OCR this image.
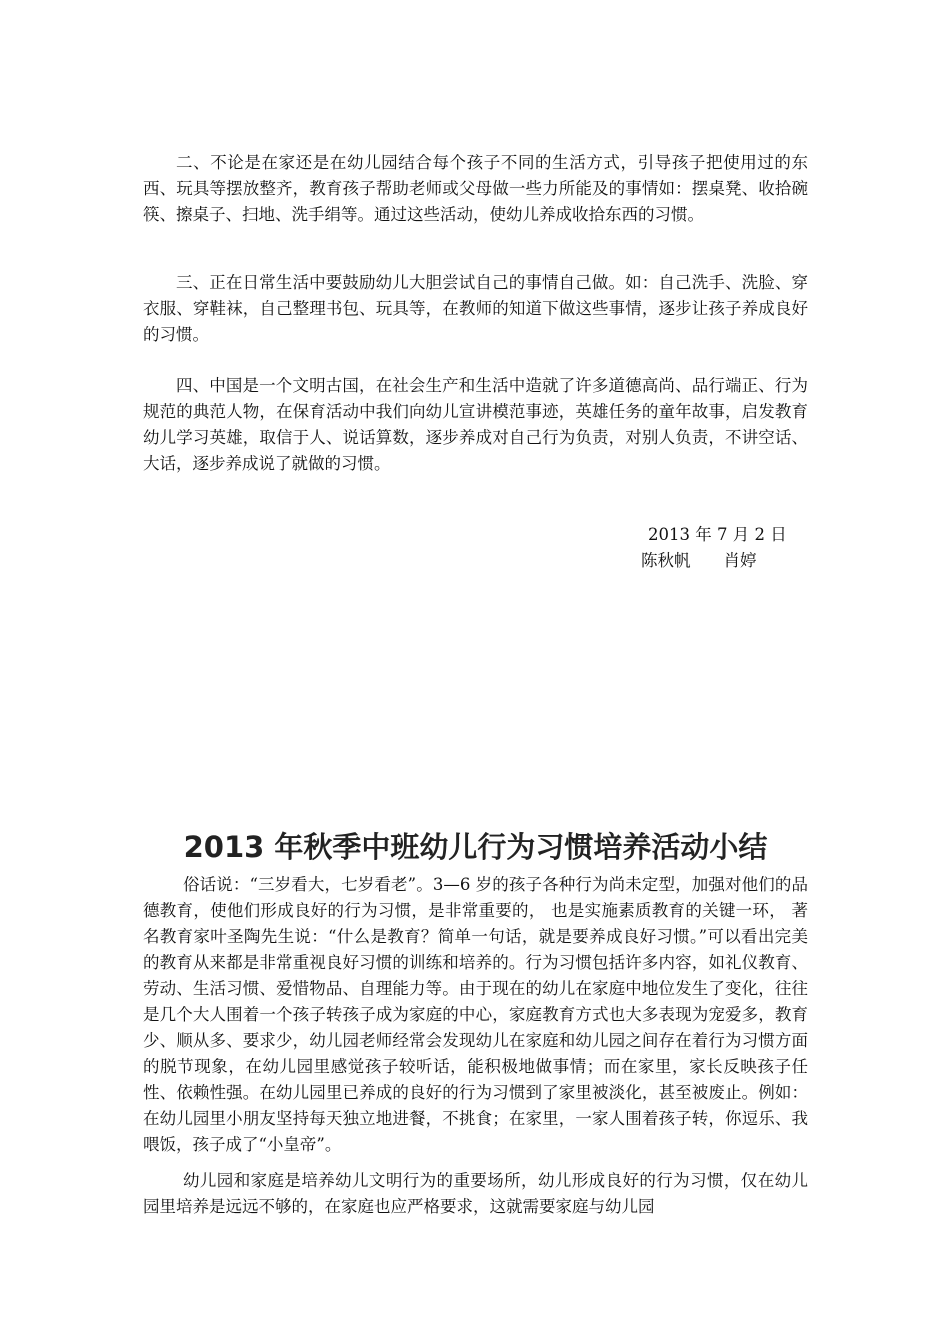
二、不论是在家还是在幼儿园结合每个孩子不同的生活方式，引导孩子把使用过的东西、玩具等摆放整齐，教育孩子帮助老师或父母做一些力所能及的事情如：摆桌凳、收拾碗筷、擦桌子、扫地、洗手绢等。通过这些活动，使幼儿养成收拾东西的习惯。

三、正在日常生活中要鼓励幼儿大胆尝试自己的事情自己做。如：自己洗手、洗脸、穿衣服、穿鞋袜，自己整理书包、玩具等，在教师的知道下做这些事情，逐步让孩子养成良好的习惯。

四、中国是一个文明古国，在社会生产和生活中造就了许多道德高尚、品行端正、行为规范的典范人物，在保育活动中我们向幼儿宣讲模范事迹，英雄任务的童年故事，启发教育幼儿学习英雄，取信于人、说话算数，逐步养成对自己行为负责，对别人负责，不讲空话、大话，逐步养成说了就做的习惯。

2013 年 7 月 2 日
陈秋帆　　肖婷
2013 年秋季中班幼儿行为习惯培养活动小结

俗话说：“三岁看大，七岁看老”。3—6 岁的孩子各种行为尚未定型，加强对他们的品德教育，使他们形成良好的行为习惯，是非常重要的， 也是实施素质教育的关键一环， 著名教育家叶圣陶先生说：“什么是教育？简单一句话，就是要养成良好习惯。”可以看出完美的教育从来都是非常重视良好习惯的训练和培养的。行为习惯包括许多内容，如礼仪教育、劳动、生活习惯、爱惜物品、自理能力等。由于现在的幼儿在家庭中地位发生了变化，往往是几个大人围着一个孩子转孩子成为家庭的中心，家庭教育方式也大多表现为宠爱多，教育少、顺从多、要求少，幼儿园老师经常会发现幼儿在家庭和幼儿园之间存在着行为习惯方面的脱节现象，在幼儿园里感觉孩子较听话，能积极地做事情；而在家里，家长反映孩子任性、依赖性强。在幼儿园里已养成的良好的行为习惯到了家里被淡化，甚至被废止。例如：在幼儿园里小朋友坚持每天独立地进餐，不挑食；在家里，一家人围着孩子转，你逗乐、我喂饭，孩子成了“小皇帝”。

幼儿园和家庭是培养幼儿文明行为的重要场所，幼儿形成良好的行为习惯，仅在幼儿园里培养是远远不够的，在家庭也应严格要求，这就需要家庭与幼儿园
